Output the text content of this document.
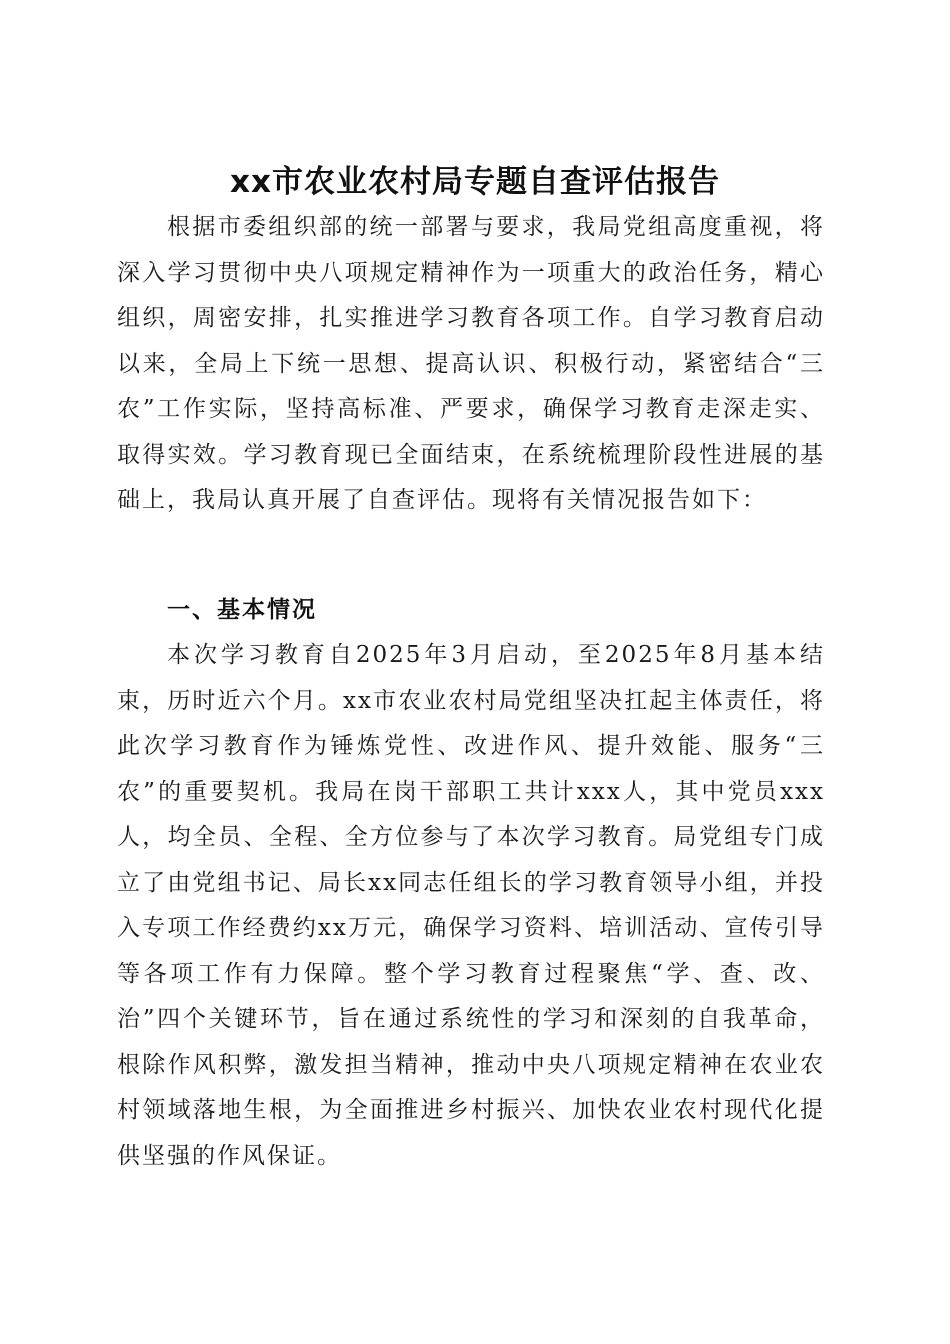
xx市农业农村局专题自查评估报告

根据市委组织部的统一部署与要求，我局党组高度重视，将深入学习贯彻中央八项规定精神作为一项重大的政治任务，精心组织，周密安排，扎实推进学习教育各项工作。自学习教育启动以来，全局上下统一思想、提高认识、积极行动，紧密结合“三农”工作实际，坚持高标准、严要求，确保学习教育走深走实、取得实效。学习教育现已全面结束，在系统梳理阶段性进展的基础上，我局认真开展了自查评估。现将有关情况报告如下：

一、基本情况

本次学习教育自2025年3月启动，至2025年8月基本结束，历时近六个月。xx市农业农村局党组坚决扛起主体责任，将此次学习教育作为锤炼党性、改进作风、提升效能、服务“三农”的重要契机。我局在岗干部职工共计xxx人，其中党员xxx人，均全员、全程、全方位参与了本次学习教育。局党组专门成立了由党组书记、局长xx同志任组长的学习教育领导小组，并投入专项工作经费约xx万元，确保学习资料、培训活动、宣传引导等各项工作有力保障。整个学习教育过程聚焦“学、查、改、治”四个关键环节，旨在通过系统性的学习和深刻的自我革命，根除作风积弊，激发担当精神，推动中央八项规定精神在农业农村领域落地生根，为全面推进乡村振兴、加快农业农村现代化提供坚强的作风保证。
